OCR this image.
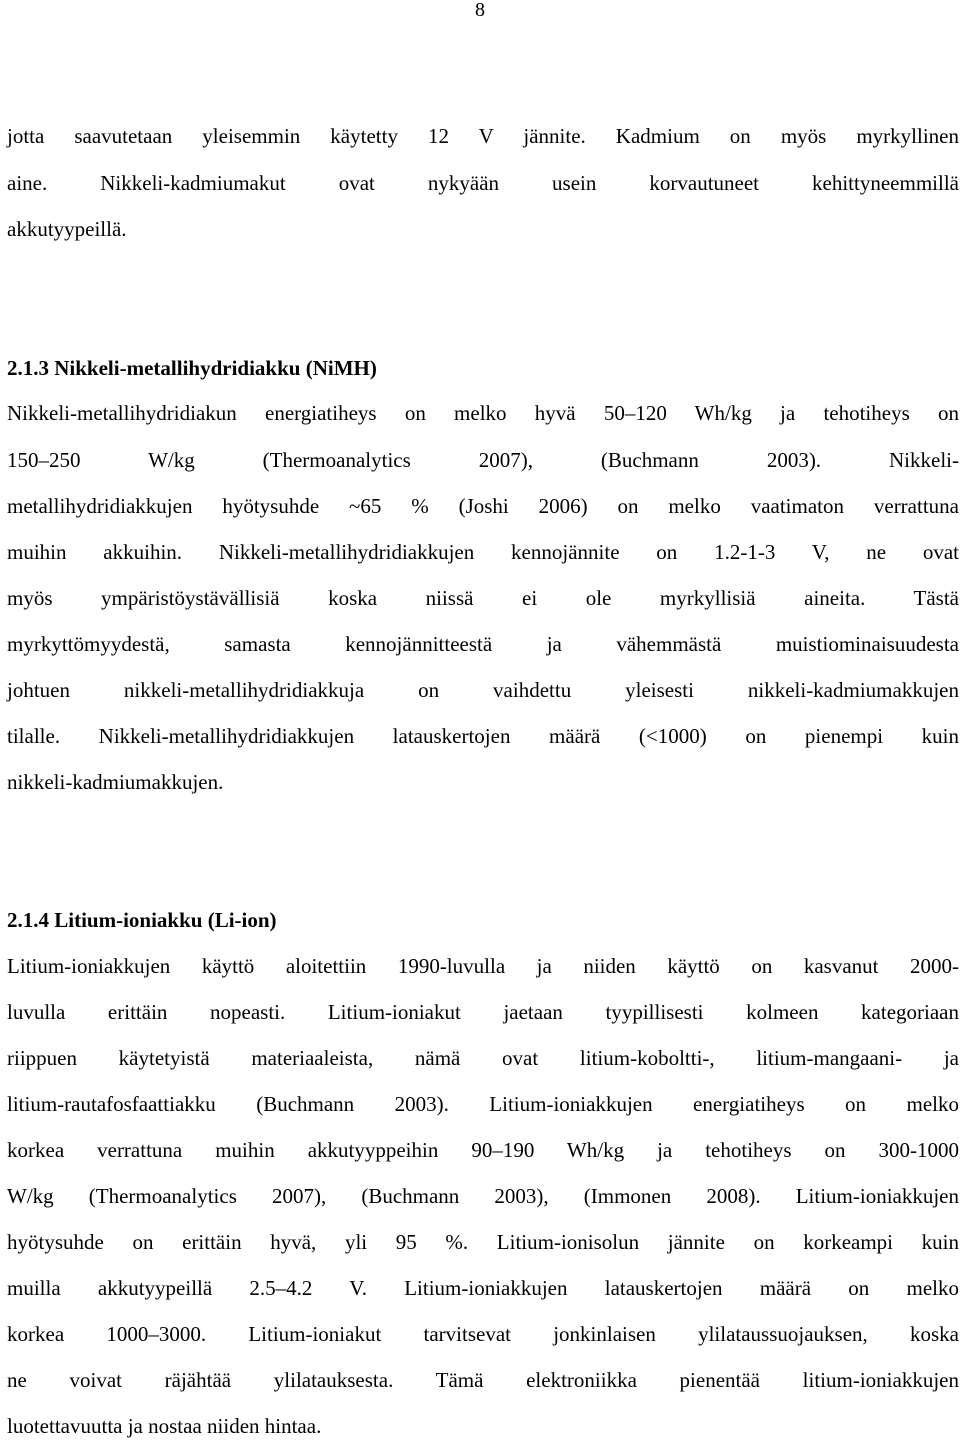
8
jotta saavutetaan yleisemmin käytetty 12 V jännite. Kadmium on myös myrkyllinen
aine. Nikkeli-kadmiumakut ovat nykyään usein korvautuneet kehittyneemmillä
akkutyypeillä.
2.1.3 Nikkeli-metallihydridiakku (NiMH)
Nikkeli-metallihydridiakun energiatiheys on melko hyvä 50–120 Wh/kg ja tehotiheys on
150–250 W/kg (Thermoanalytics 2007), (Buchmann 2003). Nikkeli-
metallihydridiakkujen hyötysuhde ~65 % (Joshi 2006) on melko vaatimaton verrattuna
muihin akkuihin. Nikkeli-metallihydridiakkujen kennojännite on 1.2-1-3 V, ne ovat
myös ympäristöystävällisiä koska niissä ei ole myrkyllisiä aineita. Tästä
myrkyttömyydestä, samasta kennojännitteestä ja vähemmästä muistiominaisuudesta
johtuen nikkeli-metallihydridiakkuja on vaihdettu yleisesti nikkeli-kadmiumakkujen
tilalle. Nikkeli-metallihydridiakkujen latauskertojen määrä (<1000) on pienempi kuin
nikkeli-kadmiumakkujen.
2.1.4 Litium-ioniakku (Li-ion)
Litium-ioniakkujen käyttö aloitettiin 1990-luvulla ja niiden käyttö on kasvanut 2000-
luvulla erittäin nopeasti. Litium-ioniakut jaetaan tyypillisesti kolmeen kategoriaan
riippuen käytetyistä materiaaleista, nämä ovat litium-koboltti-, litium-mangaani- ja
litium-rautafosfaattiakku (Buchmann 2003). Litium-ioniakkujen energiatiheys on melko
korkea verrattuna muihin akkutyyppeihin 90–190 Wh/kg ja tehotiheys on 300-1000
W/kg (Thermoanalytics 2007), (Buchmann 2003), (Immonen 2008). Litium-ioniakkujen
hyötysuhde on erittäin hyvä, yli 95 %. Litium-ionisolun jännite on korkeampi kuin
muilla akkutyypeillä 2.5–4.2 V. Litium-ioniakkujen latauskertojen määrä on melko
korkea 1000–3000. Litium-ioniakut tarvitsevat jonkinlaisen ylilataussuojauksen, koska
ne voivat räjähtää ylilatauksesta. Tämä elektroniikka pienentää litium-ioniakkujen
luotettavuutta ja nostaa niiden hintaa.
